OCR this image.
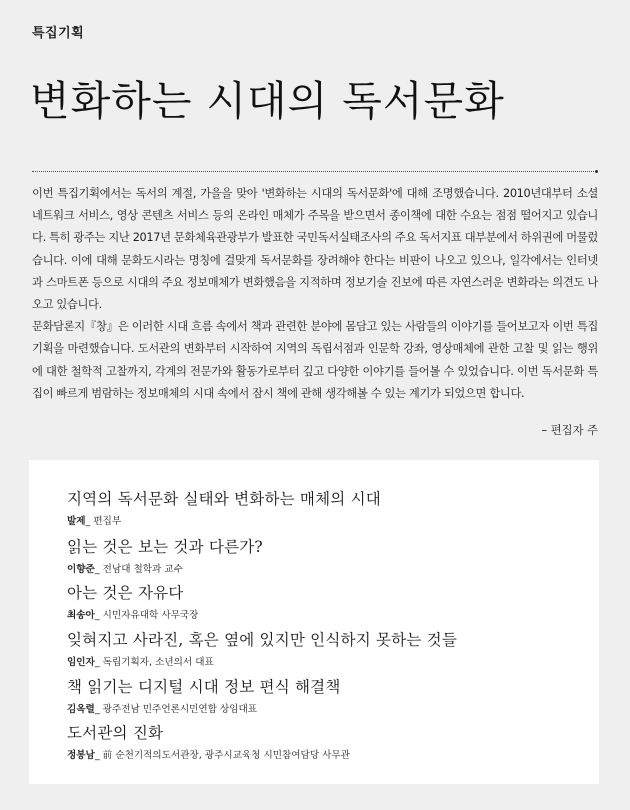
특집기획
변화하는 시대의 독서문화

이번 특집기획에서는 독서의 계절, 가을을 맞아 '변화하는 시대의 독서문화'에 대해 조명했습니다. 2010년대부터 소셜 네트워크 서비스, 영상 콘텐츠 서비스 등의 온라인 매체가 주목을 받으면서 종이책에 대한 수요는 점점 떨어지고 있습니다. 특히 광주는 지난 2017년 문화체육관광부가 발표한 국민독서실태조사의 주요 독서지표 대부분에서 하위권에 머물렀습니다. 이에 대해 문화도시라는 명칭에 걸맞게 독서문화를 장려해야 한다는 비판이 나오고 있으나, 일각에서는 인터넷과 스마트폰 등으로 시대의 주요 정보매체가 변화했음을 지적하며 정보기술 진보에 따른 자연스러운 변화라는 의견도 나오고 있습니다.

문화담론지『창』은 이러한 시대 흐름 속에서 책과 관련한 분야에 몸담고 있는 사람들의 이야기를 들어보고자 이번 특집기획을 마련했습니다. 도서관의 변화부터 시작하여 지역의 독립서점과 인문학 강좌, 영상매체에 관한 고찰 및 읽는 행위에 대한 철학적 고찰까지, 각계의 전문가와 활동가로부터 깊고 다양한 이야기를 들어볼 수 있었습니다. 이번 독서문화 특집이 빠르게 범람하는 정보매체의 시대 속에서 잠시 책에 관해 생각해볼 수 있는 계기가 되었으면 합니다.

– 편집자 주
지역의 독서문화 실태와 변화하는 매체의 시대
발제_ 편집부
읽는 것은 보는 것과 다른가?
이향준_ 전남대 철학과 교수
아는 것은 자유다
최송아_ 시민자유대학 사무국장
잊혀지고 사라진, 혹은 옆에 있지만 인식하지 못하는 것들
임인자_ 독립기획자, 소년의서 대표
책 읽기는 디지털 시대 정보 편식 해결책
김옥렬_ 광주전남 민주언론시민연합 상임대표
도서관의 진화
정봉남_ 前 순천기적의도서관장, 광주시교육청 시민참여담당 사무관
